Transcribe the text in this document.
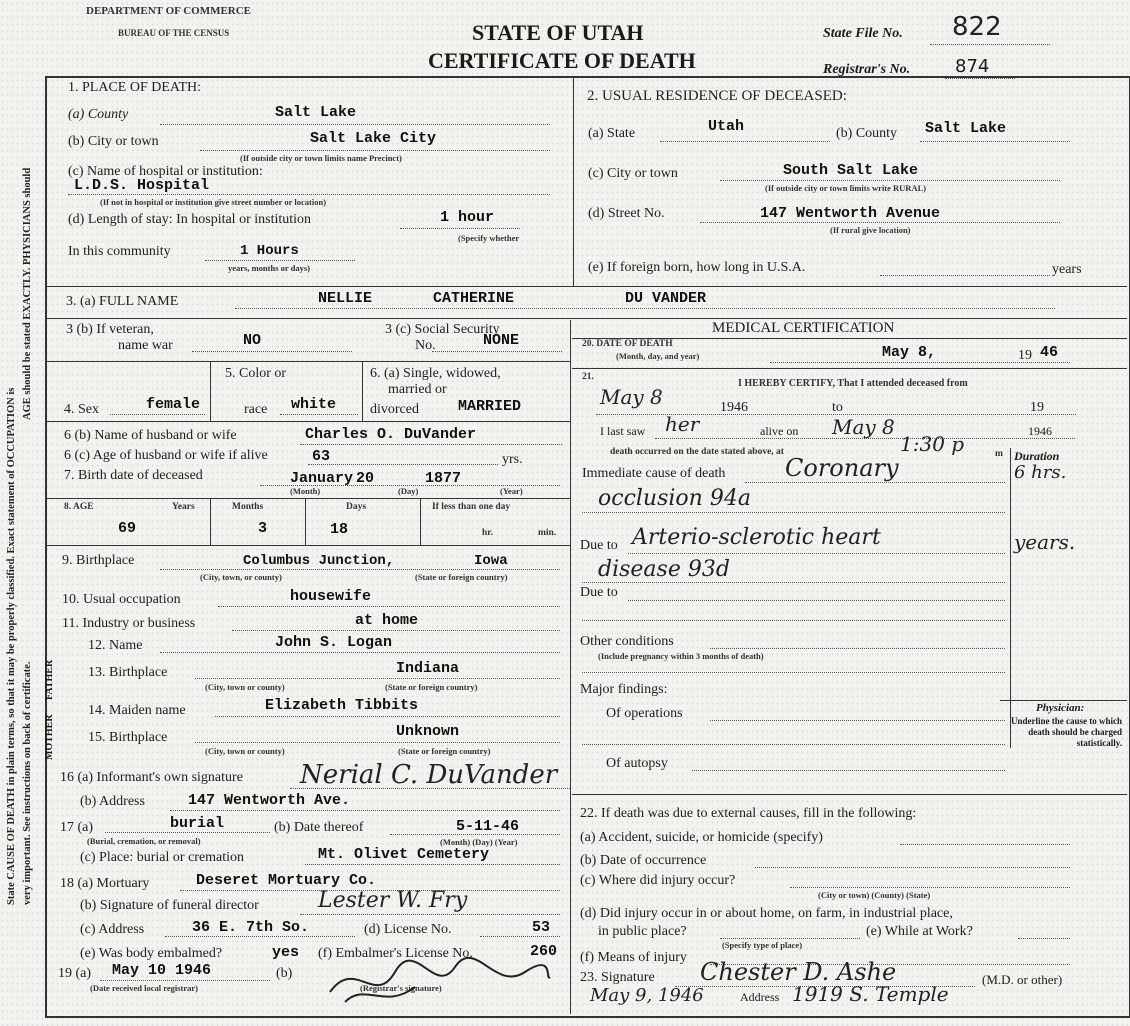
State CAUSE OF DEATH in plain terms, so that it may be properly classified. Exact statement of OCCUPATION is very important. See instructions on back of certificate.
AGE should be stated EXACTLY. PHYSICIANS should
DEPARTMENT OF COMMERCE
BUREAU OF THE CENSUS	STATE OF UTAH
CERTIFICATE OF DEATH
State File No. 822
Registrar's No. 874
1. PLACE OF DEATH:
(a) County	Salt Lake
(b) City or town	Salt Lake City
(If outside city or town limits name Precinct)
(c) Name of hospital or institution:
L.D.S. Hospital
(If not in hospital or institution give street number or location)
(d) Length of stay: In hospital or institution	1 hour
(Specify whether
In this community	1 Hours
years, months or days)
2. USUAL RESIDENCE OF DECEASED:
(a) State	Utah	(b) County Salt Lake
(c) City or town	South Salt Lake
(If outside city or town limits write RURAL)
(d) Street No.	147 Wentworth Avenue
(If rural give location)
(e) If foreign born, how long in U.S.A.	years
3. (a) FULL NAME	NELLIE	CATHERINE	DU VANDER
3 (b) If veteran,
name war	NO
3 (c) Social Security
No.	NONE
4. Sex	female
5. Color or
race white
6. (a) Single, widowed,
married or
divorced	MARRIED
6 (b) Name of husband or wife	Charles O. DuVander
6 (c) Age of husband or wife if alive	63	yrs.
7. Birth date of deceased	January 20	1877
(Month)	(Day)	(Year)
8. AGE	Years	Months	Days	If less than one day
69	3	18	hr.	min.
9. Birthplace	Columbus Junction,	Iowa
(City, town, or county)	(State or foreign country)
10. Usual occupation	housewife
11. Industry or business	at home
FATHER
MOTHER
12. Name	John S. Logan
13. Birthplace	Indiana
(City, town or county)	(State or foreign country)
14. Maiden name	Elizabeth Tibbits
15. Birthplace	Unknown
(City, town or county)	(State or foreign country)
16 (a) Informant's own signature Nerial C. DuVander
(b) Address	147 Wentworth Ave.
17 (a)	burial
(Burial, cremation, or removal)
(b) Date thereof	5-11-46
(Month) (Day) (Year)
(c) Place: burial or cremation	Mt. Olivet Cemetery
18 (a) Mortuary	Deseret Mortuary Co.
(b) Signature of funeral director	Lester W. Fry
(c) Address	36 E. 7th So.	(d) License No.	53
(e) Was body embalmed?	yes (f) Embalmer's License No.	260
19 (a) May 10 1946
(Date received local registrar)
(b)
(Registrar's signature)
MEDICAL CERTIFICATION
20. DATE OF DEATH
(Month, day, and year)	May 8,	19 46
21.
I HEREBY CERTIFY, That I attended deceased from
May 8	1946	to	19
I last saw her	alive on May 8	1946
death occurred on the date stated above, at	1:30 p	m Duration
6 hrs.
Immediate cause of death Coronary
occlusion 94a
Due to Arterio-sclerotic heart	years.
disease 93d
Due to
Other conditions
(Include pregnancy within 3 months of death)
Major findings:
Of operations
Of autopsy
Physician:
Underline the cause to which death should be charged statistically.
22. If death was due to external causes, fill in the following:
(a) Accident, suicide, or homicide (specify)
(b) Date of occurrence
(c) Where did injury occur?
(City or town) (County) (State)
(d) Did injury occur in or about home, on farm, in industrial place,
in public place?
(Specify type of place)
(e) While at Work?
(f) Means of injury
23. Signature Chester D. Ashe	(M.D. or other)
May 9, 1946	Address 1919 S. Temple
